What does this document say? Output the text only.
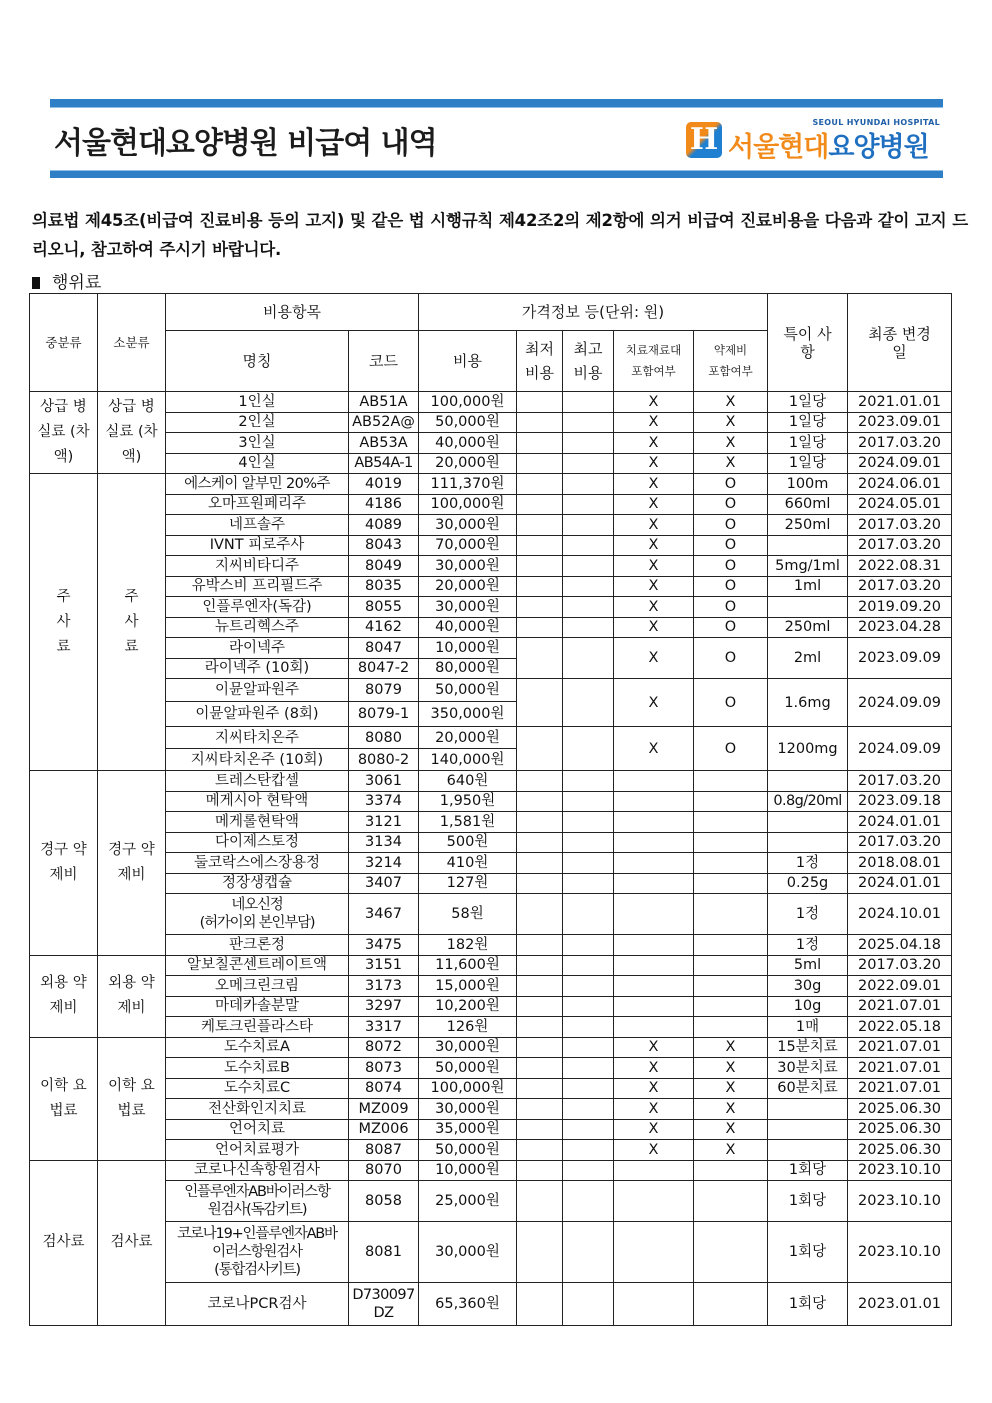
서울현대요양병원 비급여 내역	H	SEOUL HYUNDAI HOSPITAL
서울현대요양병원
의료법 제45조(비급여 진료비용 등의 고지) 및 같은 법 시행규칙 제42조2의 제2항에 의거 비급여 진료비용을 다음과 같이 고지 드리오니, 참고하여 주시기 바랍니다.
행위료
중분류	소분류	비용항목		가격정보 등(단위: 원)					특이 사항	최종 변경일
		명칭	코드	비용	최저 비용	최고 비용	치료재료대 포함여부	약제비 포함여부		
상급 병실료 (차액)	상급 병실료 (차액)	1인실	AB51A	100,000원			X	X	1일당	2021.01.01
		2인실	AB52A@	50,000원			X	X	1일당	2023.09.01
		3인실	AB53A	40,000원			X	X	1일당	2017.03.20
		4인실	AB54A-1	20,000원			X	X	1일당	2024.09.01
주 사 료	주 사 료	에스케이 알부민 20%주	4019	111,370원			X	O	100m	2024.06.01
		오마프원페리주	4186	100,000원			X	O	660ml	2024.05.01
		네프솔주	4089	30,000원			X	O	250ml	2017.03.20
		IVNT 피로주사	8043	70,000원			X	O		2017.03.20
		지씨비타디주	8049	30,000원			X	O	5mg/1ml	2022.08.31
		유박스비 프리필드주	8035	20,000원			X	O	1ml	2017.03.20
		인플루엔자(독감)	8055	30,000원			X	O		2019.09.20
		뉴트리헥스주	4162	40,000원			X	O	250ml	2023.04.28
		라이넥주	8047	10,000원			X	O	2ml	2023.09.09
		라이넥주 (10회)	8047-2	80,000원						
		이뮨알파원주	8079	50,000원			X	O	1.6mg	2024.09.09
		이뮨알파원주 (8회)	8079-1	350,000원						
		지씨타치온주	8080	20,000원			X	O	1200mg	2024.09.09
		지씨타치온주 (10회)	8080-2	140,000원						
경구 약제비	경구 약제비	트레스탄캅셀	3061	640원						2017.03.20
		메게시아 현탁액	3374	1,950원					0.8g/20ml	2023.09.18
		메게롤현탁액	3121	1,581원						2024.01.01
		다이제스토정	3134	500원						2017.03.20
		둘코락스에스장용정	3214	410원					1정	2018.08.01
		정장생캡슐	3407	127원					0.25g	2024.01.01
		네오신정
(허가이외 본인부담)	3467	58원					1정	2024.10.01
		판크론정	3475	182원					1정	2025.04.18
외용 약제비	외용 약제비	알보칠콘센트레이트액	3151	11,600원					5ml	2017.03.20
		오메크린크림	3173	15,000원					30g	2022.09.01
		마데카솔분말	3297	10,200원					10g	2021.07.01
		케토크린플라스타	3317	126원					1매	2022.05.18
이학 요법료	이학 요법료	도수치료A	8072	30,000원			X	X	15분치료	2021.07.01
		도수치료B	8073	50,000원			X	X	30분치료	2021.07.01
		도수치료C	8074	100,000원			X	X	60분치료	2021.07.01
		전산화인지치료	MZ009	30,000원			X	X		2025.06.30
		언어치료	MZ006	35,000원			X	X		2025.06.30
		언어치료평가	8087	50,000원			X	X		2025.06.30
검사료	검사료	코로나신속항원검사	8070	10,000원					1회당	2023.10.10
		인플루엔자AB바이러스항
원검사(독감키트)	8058	25,000원					1회당	2023.10.10
		코로나19+인플루엔자AB바
이러스항원검사
(통합검사키트)	8081	30,000원					1회당	2023.10.10
		코로나PCR검사	D730097
DZ	65,360원					1회당	2023.01.01
